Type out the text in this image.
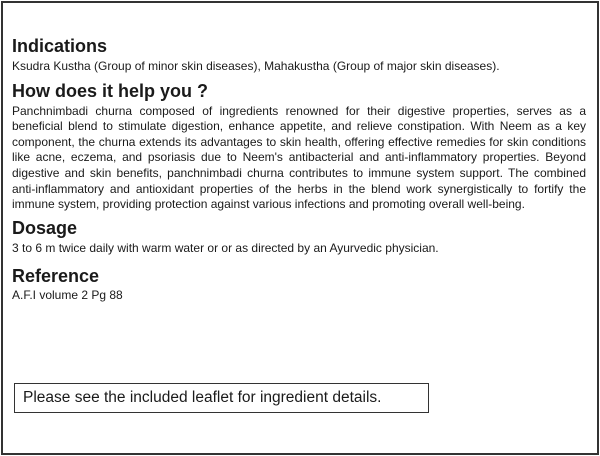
Indications

Ksudra Kustha (Group of minor skin diseases), Mahakustha (Group of major skin diseases).

How does it help you ?

Panchnimbadi churna composed of ingredients renowned for their digestive properties, serves as a beneficial blend to stimulate digestion, enhance appetite, and relieve constipation. With Neem as a key component, the churna extends its advantages to skin health, offering effective remedies for skin conditions like acne, eczema, and psoriasis due to Neem's antibacterial and anti-inflammatory properties. Beyond digestive and skin benefits, panchnimbadi churna contributes to immune system support. The combined anti-inflammatory and antioxidant properties of the herbs in the blend work synergistically to fortify the immune system, providing protection against various infections and promoting overall well-being.

Dosage

3 to 6 m twice daily with warm water or or as directed by an Ayurvedic physician.

Reference

A.F.I volume 2 Pg 88

Please see the included leaflet for ingredient details.
